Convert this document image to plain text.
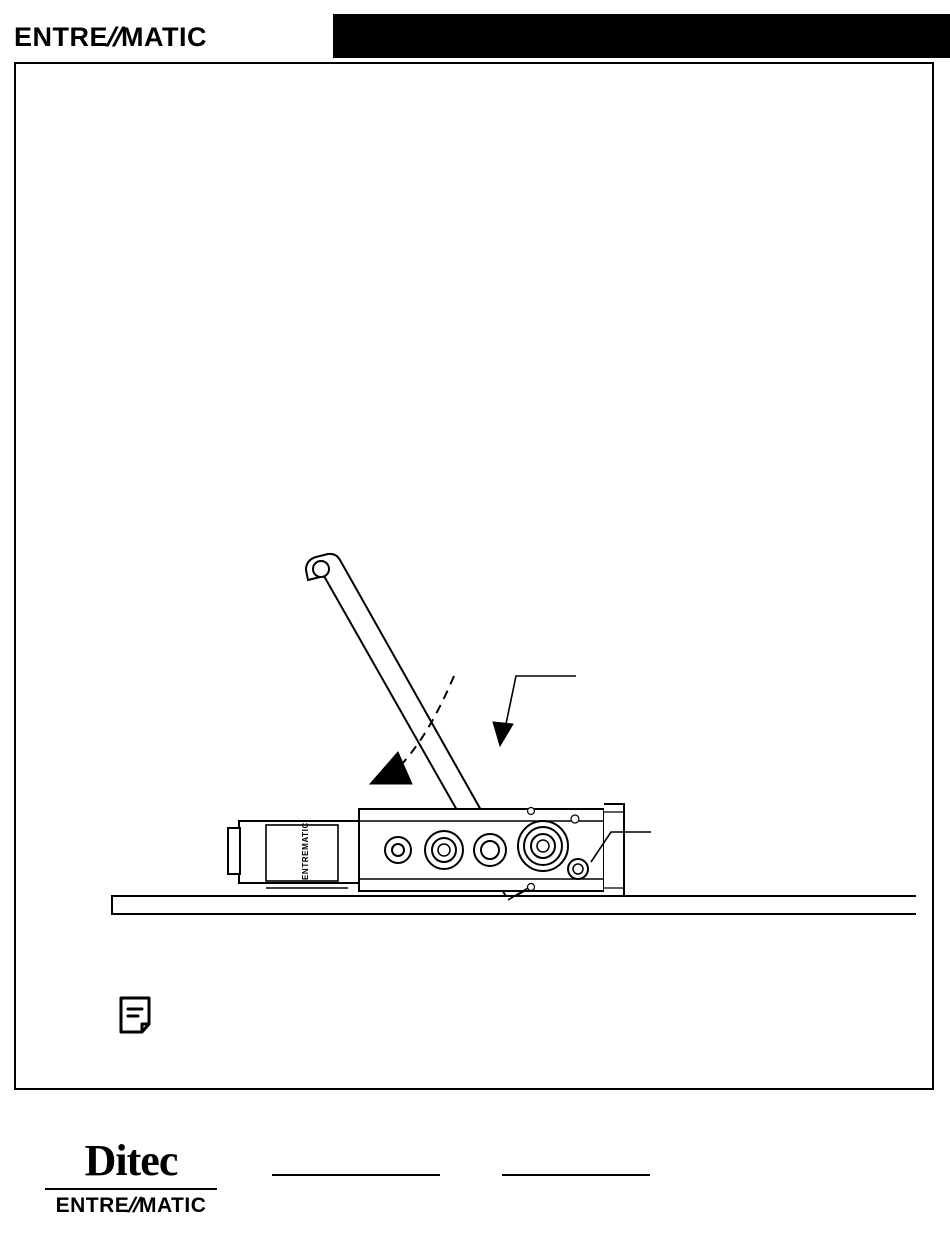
ENTRE//MATIC
ENTREMATIC
Ditec
ENTRE//MATIC
